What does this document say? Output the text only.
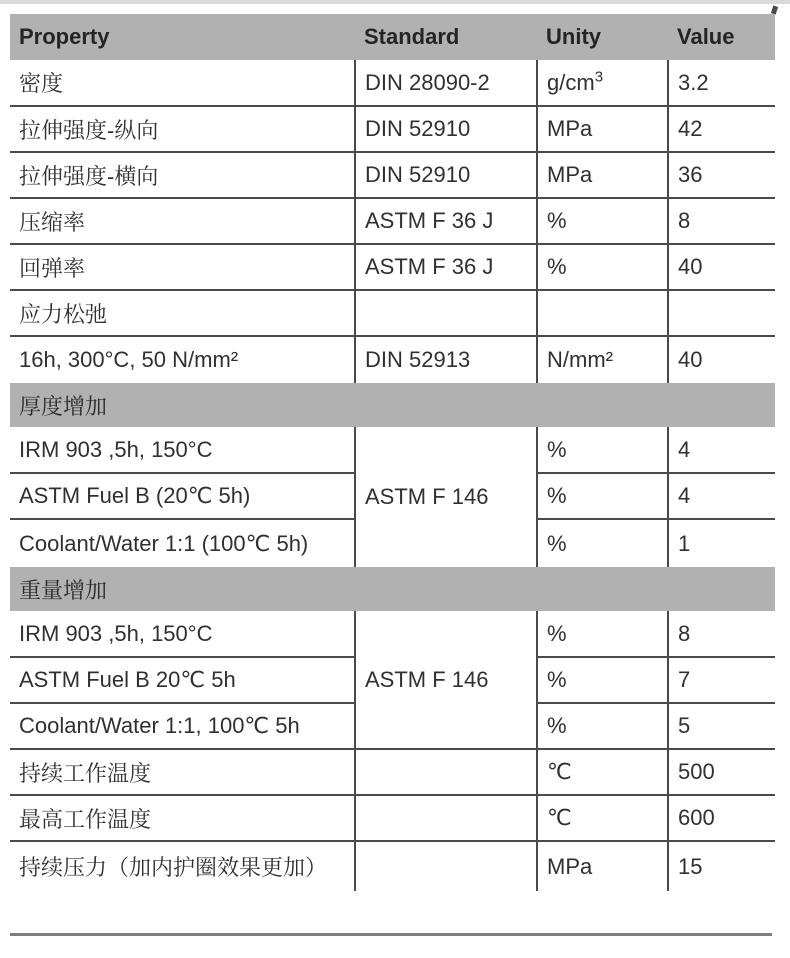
Property	Standard	Unity	Value
密度	DIN 28090-2	$g/cm^3$	3.2
拉伸强度-纵向	DIN 52910	MPa	42
拉伸强度-横向	DIN 52910	MPa	36
压缩率	ASTM F 36 J	%	8
回弹率	ASTM F 36 J	%	40
应力松弛			
16h, 300°C, 50 N/mm²	DIN 52913	N/mm²	40
厚度增加			
IRM 903 ,5h, 150°C	ASTM F 146	%	4
ASTM Fuel B (20℃ 5h)		%	4
Coolant/Water 1:1 (100℃ 5h)		%	1
重量增加			
IRM 903 ,5h, 150°C	ASTM F 146	%	8
ASTM Fuel B 20℃ 5h		%	7
Coolant/Water 1:1, 100℃ 5h		%	5
持续工作温度		℃	500
最高工作温度		℃	600
持续压力（加内护圈效果更加）		MPa	15
